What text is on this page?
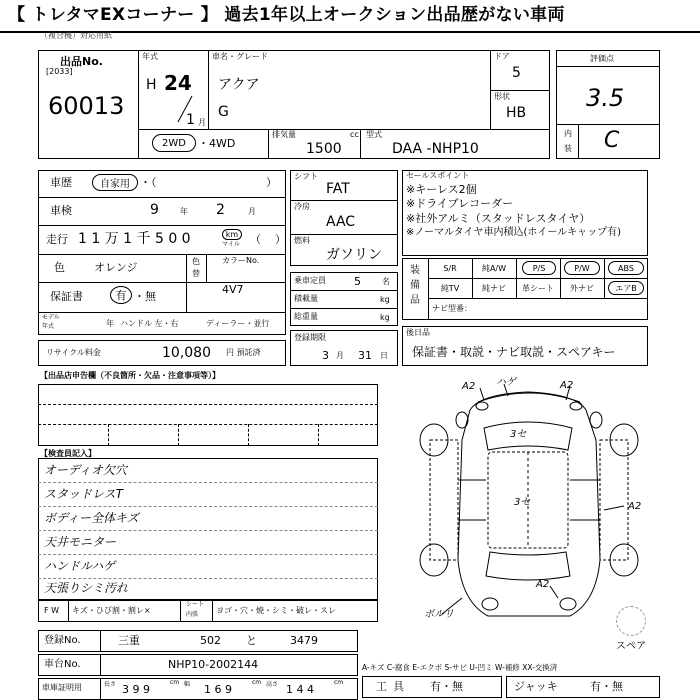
【 トレタマEXコーナー 】 過去1年以上オークション出品歴がない車両
（複合機）対応用紙
出品No.
[2033]
60013
年式
H 24
1 月
車名・グレード
アクア
G
ドア
5
形状
HB
2WD	・4WD
排気量	cc
1500
型式
DAA -NHP10
評価点
3.5
内
装 C
車歴	自家用 ・（	）
車検	9	年 2	月
走行 1 1 万 1 千 5 0 0	km
マイル （    ）
色	オレンジ	色
替
カラーNo.
4V7
保証書	有 ・無
モデル
年式	年 ハンドル 左・右	ディーラー・並行
リサイクル料金	10,080 円 預託済
シフト
FAT
冷房
AAC
燃料
ガソリン
乗車定員	5	名
積載量	kg
総重量	kg
登録期限
3 月 31 日
セールスポイント
※キーレス2個
※ドライブレコーダー
※社外アルミ（スタッドレスタイヤ）
※ノーマルタイヤ車内積込(ホイールキャップ有)
装
備
品
S/R	純A/W	P/S	P/W	ABS
純TV	純ナビ	革シート	外ナビ	エアB
ナビ型番：
後日品
保証書・取説・ナビ取説・スペアキー
【出品店申告欄（不良箇所・欠品・注意事項等）】
【検査員記入】
オーディオ欠穴
スタッドレスT
ボディー全体キズ
天井モニター
ハンドルハゲ
天張りシミ汚れ
F W キズ・ひび割・割レ×
シート
内張 ヨゴ・穴・焼・シミ・破レ・スレ
登録No.	三重	502 と	3479
車台No.	NHP10-2002144
車庫証明用	長さ 3 9 9
cm 幅 1 6 9
cm 高さ 1 4 4
cm
A2 ハゲ	A2
3セ
3セ	A2
A2
ボルリ
スペア
A-キズ C-腐食 E-エクボ S-サビ U-凹ミ W-補修 XX-交換済
工具 有・無	ジャッキ	有・無
